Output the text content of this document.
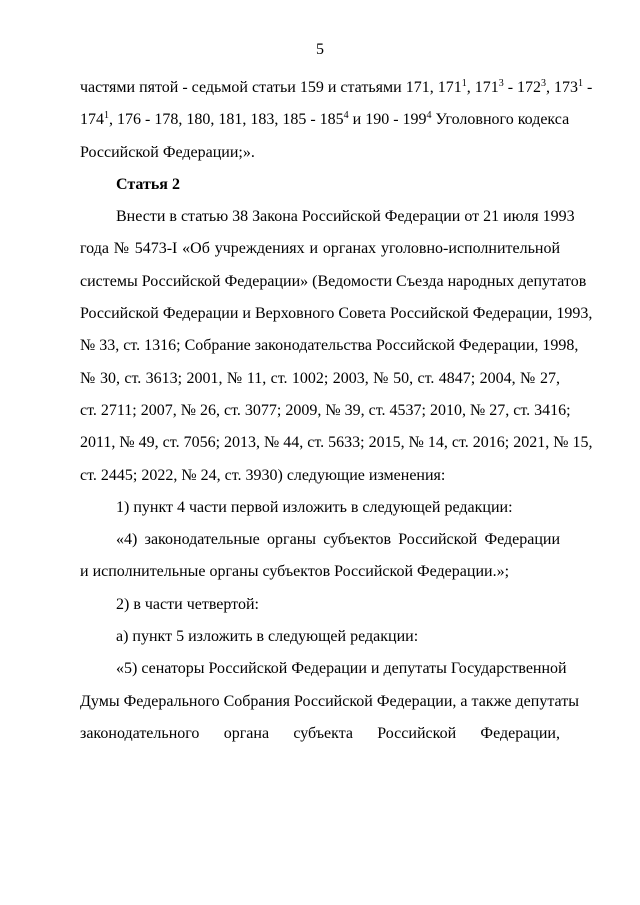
5
частями пятой - седьмой статьи 159 и статьями 171, $171^1$, $171^3 - 172^3$, $173^1$ -
$174^1$, 176 - 178, 180, 181, 183, $185 - 185^4$ и $190 - 199^4$ Уголовного кодекса
Российской Федерации;».
Статья 2
Внести в статью 38 Закона Российской Федерации от 21 июля 1993
года № 5473-I «Об учреждениях и органах уголовно-исполнительной
системы Российской Федерации» (Ведомости Съезда народных депутатов
Российской Федерации и Верховного Совета Российской Федерации, 1993,
№ 33, ст. 1316; Собрание законодательства Российской Федерации, 1998,
№ 30, ст. 3613; 2001, № 11, ст. 1002; 2003, № 50, ст. 4847; 2004, № 27,
ст. 2711; 2007, № 26, ст. 3077; 2009, № 39, ст. 4537; 2010, № 27, ст. 3416;
2011, № 49, ст. 7056; 2013, № 44, ст. 5633; 2015, № 14, ст. 2016; 2021, № 15,
ст. 2445; 2022, № 24, ст. 3930) следующие изменения:
1) пункт 4 части первой изложить в следующей редакции:
«4) законодательные органы субъектов Российской Федерации
и исполнительные органы субъектов Российской Федерации.»;
2) в части четвертой:
а) пункт 5 изложить в следующей редакции:
«5) сенаторы Российской Федерации и депутаты Государственной
Думы Федерального Собрания Российской Федерации, а также депутаты
законодательного органа субъекта Российской Федерации,
